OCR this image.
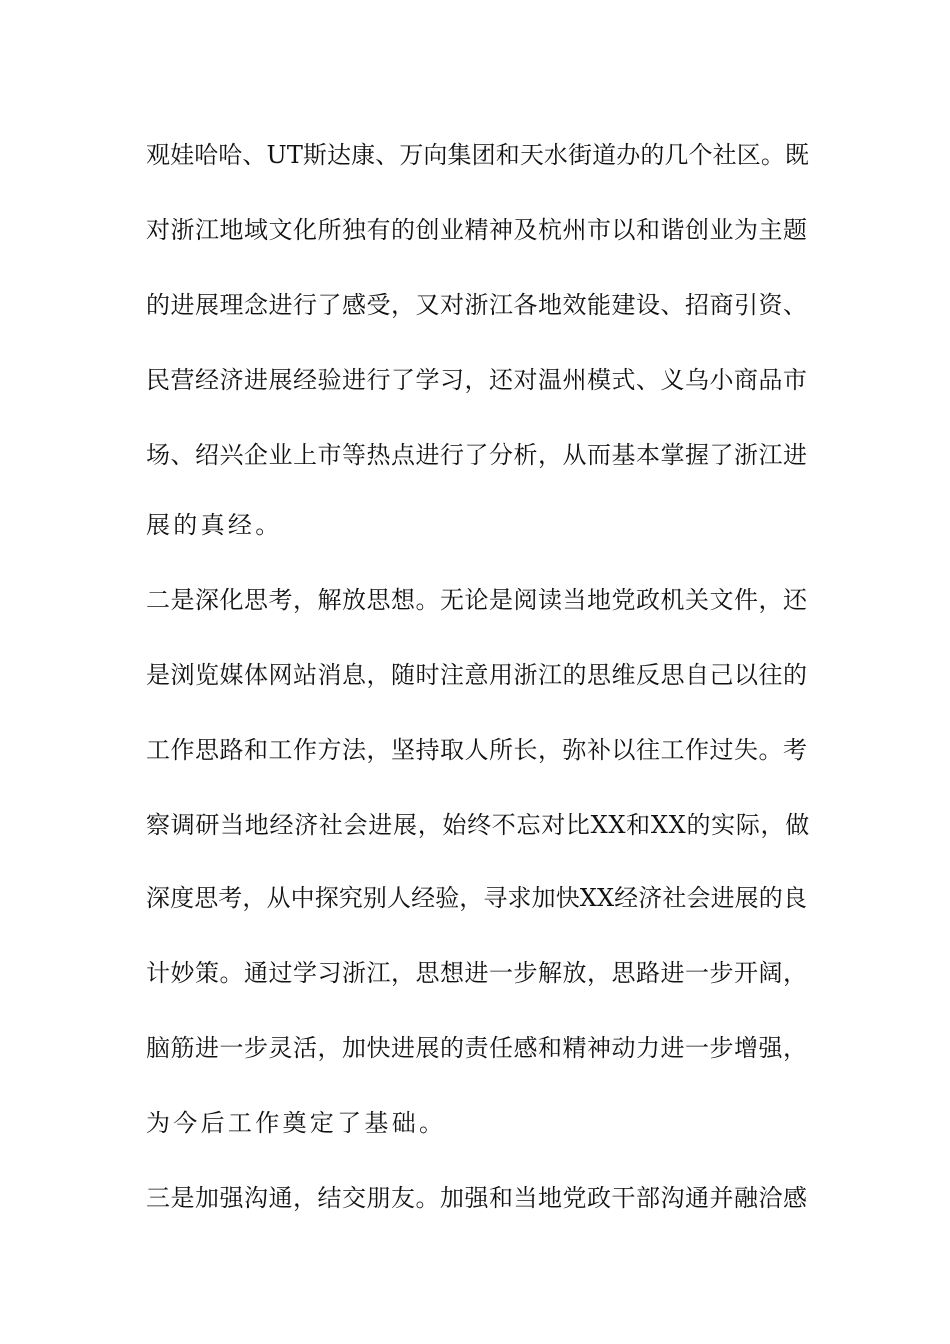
观娃哈哈、UT斯达康、万向集团和天水街道办的几个社区。既
对浙江地域文化所独有的创业精神及杭州市以和谐创业为主题
的进展理念进行了感受，又对浙江各地效能建设、招商引资、
民营经济进展经验进行了学习，还对温州模式、义乌小商品市
场、绍兴企业上市等热点进行了分析，从而基本掌握了浙江进
展的真经。
二是深化思考，解放思想。无论是阅读当地党政机关文件，还
是浏览媒体网站消息，随时注意用浙江的思维反思自己以往的
工作思路和工作方法，坚持取人所长，弥补以往工作过失。考
察调研当地经济社会进展，始终不忘对比XX和XX的实际，做
深度思考，从中探究别人经验，寻求加快XX经济社会进展的良
计妙策。通过学习浙江，思想进一步解放，思路进一步开阔，
脑筋进一步灵活，加快进展的责任感和精神动力进一步增强，
为今后工作奠定了基础。
三是加强沟通，结交朋友。加强和当地党政干部沟通并融洽感
